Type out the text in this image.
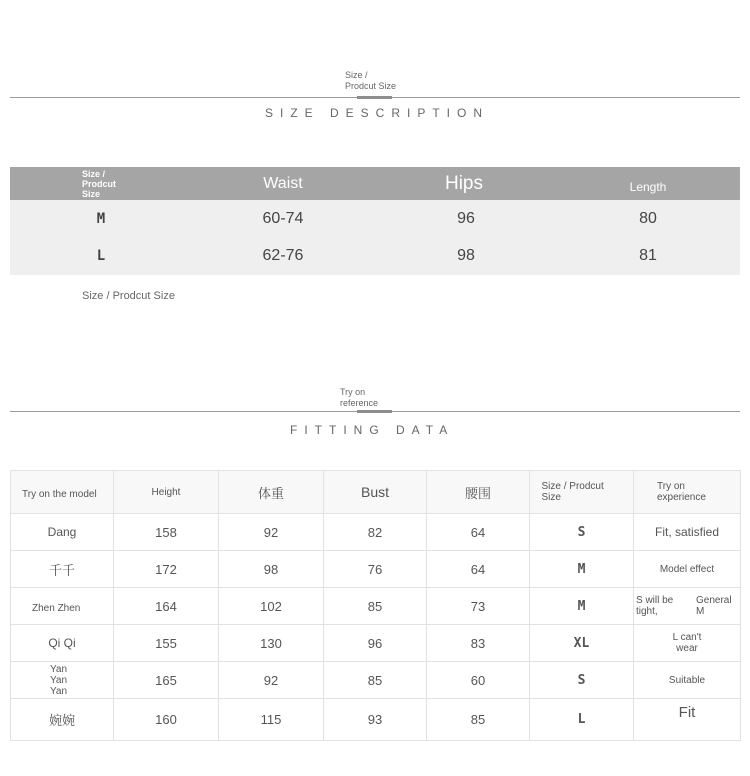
Size /
Prodcut Size
SIZE DESCRIPTION
Size / Prodcut Size
Waist	Hips	Length
M	60-74	96	80
L	62-76	98	81
Size / Prodcut Size
Try on
reference
FITTING DATA
Try on the model	Height	体重	Bust	腰围	Size / Prodcut Size	Try on experience
Dang	158	92	82	64	S	Fit, satisfied
千千	172	98	76	64	M	Model effect
Zhen Zhen	164	102	85	73	M	S will be tight,
General M

Qi Qi	155	130	96	83	XL	L can't wear
Yan Yan Yan	165	92	85	60	S	Suitable
婉婉	160	115	93	85	L	Fit
